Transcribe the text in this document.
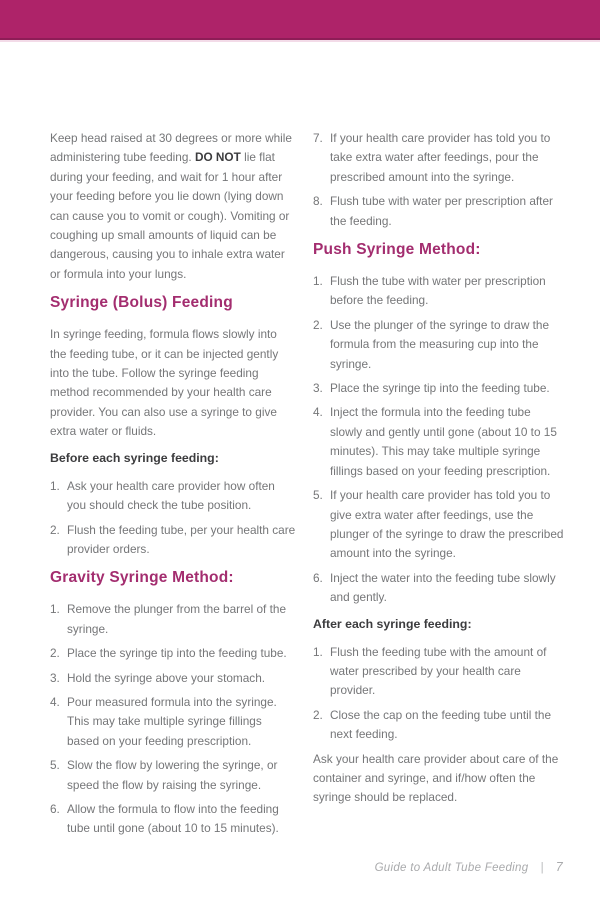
Keep head raised at 30 degrees or more while administering tube feeding. DO NOT lie flat during your feeding, and wait for 1 hour after your feeding before you lie down (lying down can cause you to vomit or cough). Vomiting or coughing up small amounts of liquid can be dangerous, causing you to inhale extra water or formula into your lungs.

Syringe (Bolus) Feeding

In syringe feeding, formula flows slowly into the feeding tube, or it can be injected gently into the tube. Follow the syringe feeding method recommended by your health care provider. You can also use a syringe to give extra water or fluids.

Before each syringe feeding:
1. Ask your health care provider how often you should check the tube position.
2. Flush the feeding tube, per your health care provider orders.
Gravity Syringe Method:
1. Remove the plunger from the barrel of the syringe.
2. Place the syringe tip into the feeding tube.
3. Hold the syringe above your stomach.
4. Pour measured formula into the syringe. This may take multiple syringe fillings based on your feeding prescription.
5. Slow the flow by lowering the syringe, or speed the flow by raising the syringe.
6. Allow the formula to flow into the feeding tube until gone (about 10 to 15 minutes).
7. If your health care provider has told you to take extra water after feedings, pour the prescribed amount into the syringe.
8. Flush tube with water per prescription after the feeding.
Push Syringe Method:
1. Flush the tube with water per prescription before the feeding.
2. Use the plunger of the syringe to draw the formula from the measuring cup into the syringe.
3. Place the syringe tip into the feeding tube.
4. Inject the formula into the feeding tube slowly and gently until gone (about 10 to 15 minutes). This may take multiple syringe fillings based on your feeding prescription.
5. If your health care provider has told you to give extra water after feedings, use the plunger of the syringe to draw the prescribed amount into the syringe.
6. Inject the water into the feeding tube slowly and gently.
After each syringe feeding:
1. Flush the feeding tube with the amount of water prescribed by your health care provider.
2. Close the cap on the feeding tube until the next feeding.

Ask your health care provider about care of the container and syringe, and if/how often the syringe should be replaced.

Guide to Adult Tube Feeding | 7
